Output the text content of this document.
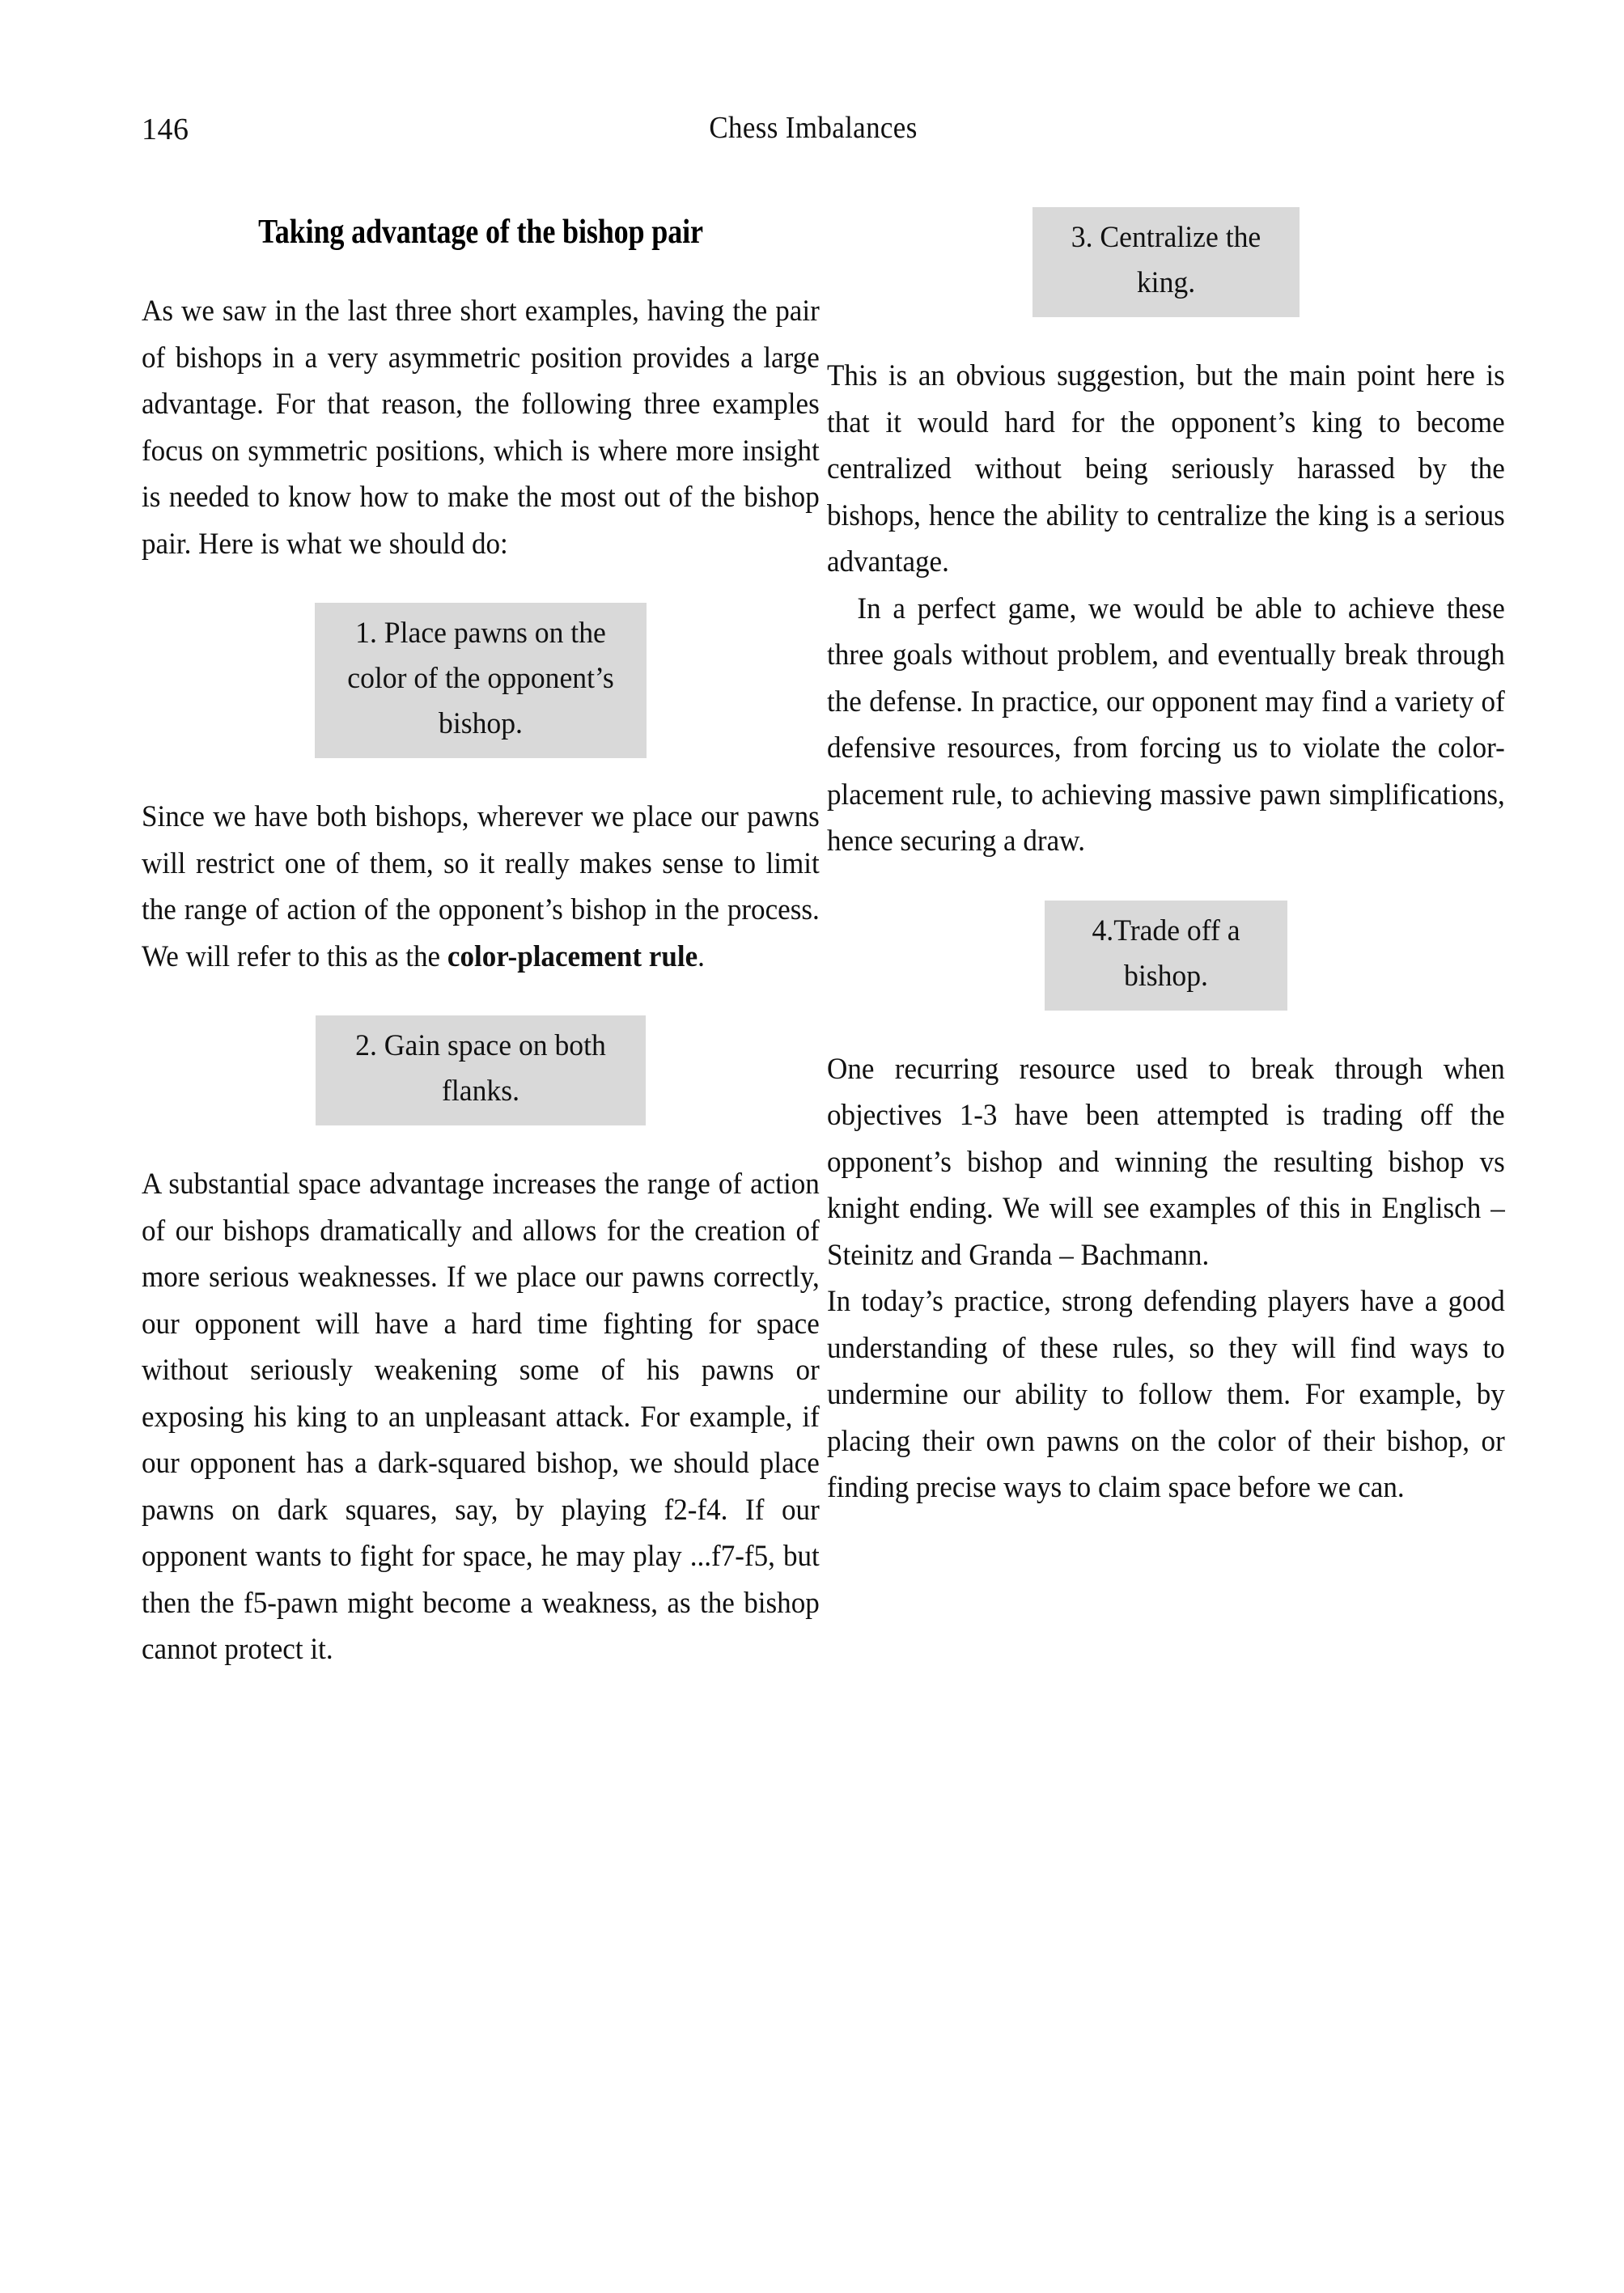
146	Chess Imbalances
Taking advantage of the bishop pair

As we saw in the last three short examples, having the pair of bishops in a very asymmetric position provides a large advantage. For that reason, the following three examples focus on symmetric positions, which is where more insight is needed to know how to make the most out of the bishop pair. Here is what we should do:

1. Place pawns on the color of the opponent’s bishop.

Since we have both bishops, wherever we place our pawns will restrict one of them, so it really makes sense to limit the range of action of the opponent’s bishop in the process. We will refer to this as the color-placement rule.

2. Gain space on both flanks.

A substantial space advantage increases the range of action of our bishops dramatically and allows for the creation of more serious weaknesses. If we place our pawns correctly, our opponent will have a hard time fighting for space without seriously weakening some of his pawns or exposing his king to an unpleasant attack. For example, if our opponent has a dark-squared bishop, we should place pawns on dark squares, say, by playing f2-f4. If our opponent wants to fight for space, he may play ...f7-f5, but then the f5-pawn might become a weakness, as the bishop cannot protect it.

3. Centralize the king.

This is an obvious suggestion, but the main point here is that it would hard for the opponent’s king to become centralized without being seriously harassed by the bishops, hence the ability to centralize the king is a serious advantage.

In a perfect game, we would be able to achieve these three goals without problem, and eventually break through the defense. In practice, our opponent may find a variety of defensive resources, from forcing us to violate the color-placement rule, to achieving massive pawn simplifications, hence securing a draw.

4.Trade off a bishop.

One recurring resource used to break through when objectives 1-3 have been attempted is trading off the opponent’s bishop and winning the resulting bishop vs knight ending. We will see examples of this in Englisch – Steinitz and Granda – Bachmann.

In today’s practice, strong defending players have a good understanding of these rules, so they will find ways to undermine our ability to follow them. For example, by placing their own pawns on the color of their bishop, or finding precise ways to claim space before we can.
